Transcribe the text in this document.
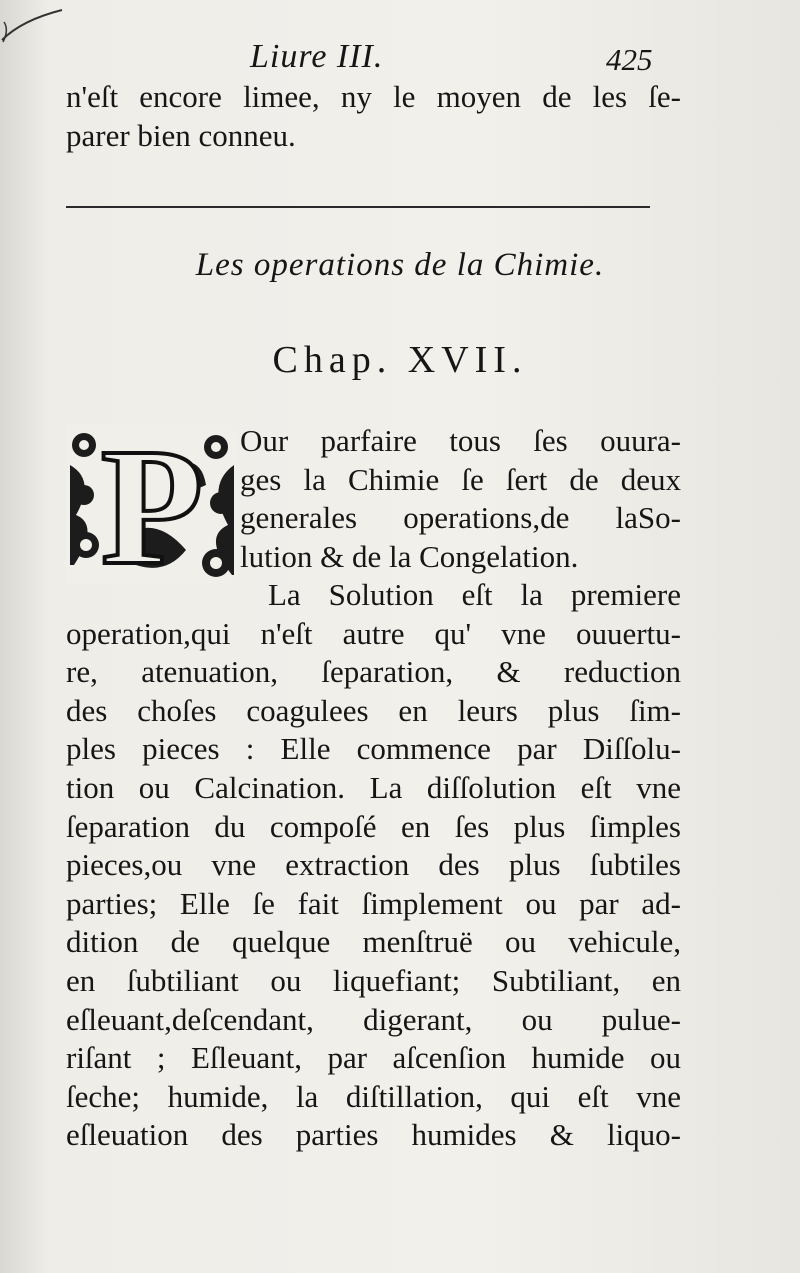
Liure III.	425
n'eſt encore limee, ny le moyen de les ſe-
parer bien conneu.
Les operations de la Chimie.
Chap. XVII.
P Our parfaire tous ſes ouura-
ges la Chimie ſe ſert de deux
generales operations,de laSo-
lution & de la Congelation.
La Solution eſt la premiere
operation,qui n'eſt autre qu' vne ouuertu-
re, atenuation, ſeparation, & reduction
des choſes coagulees en leurs plus ſim-
ples pieces : Elle commence par Diſſolu-
tion ou Calcination. La diſſolution eſt vne
ſeparation du compoſé en ſes plus ſimples
pieces,ou vne extraction des plus ſubtiles
parties; Elle ſe fait ſimplement ou par ad-
dition de quelque menſtruë ou vehicule,
en ſubtiliant ou liquefiant; Subtiliant, en
eſleuant,deſcendant, digerant, ou pulue-
riſant ; Eſleuant, par aſcenſion humide ou
ſeche; humide, la diſtillation, qui eſt vne
eſleuation des parties humides & liquo-
